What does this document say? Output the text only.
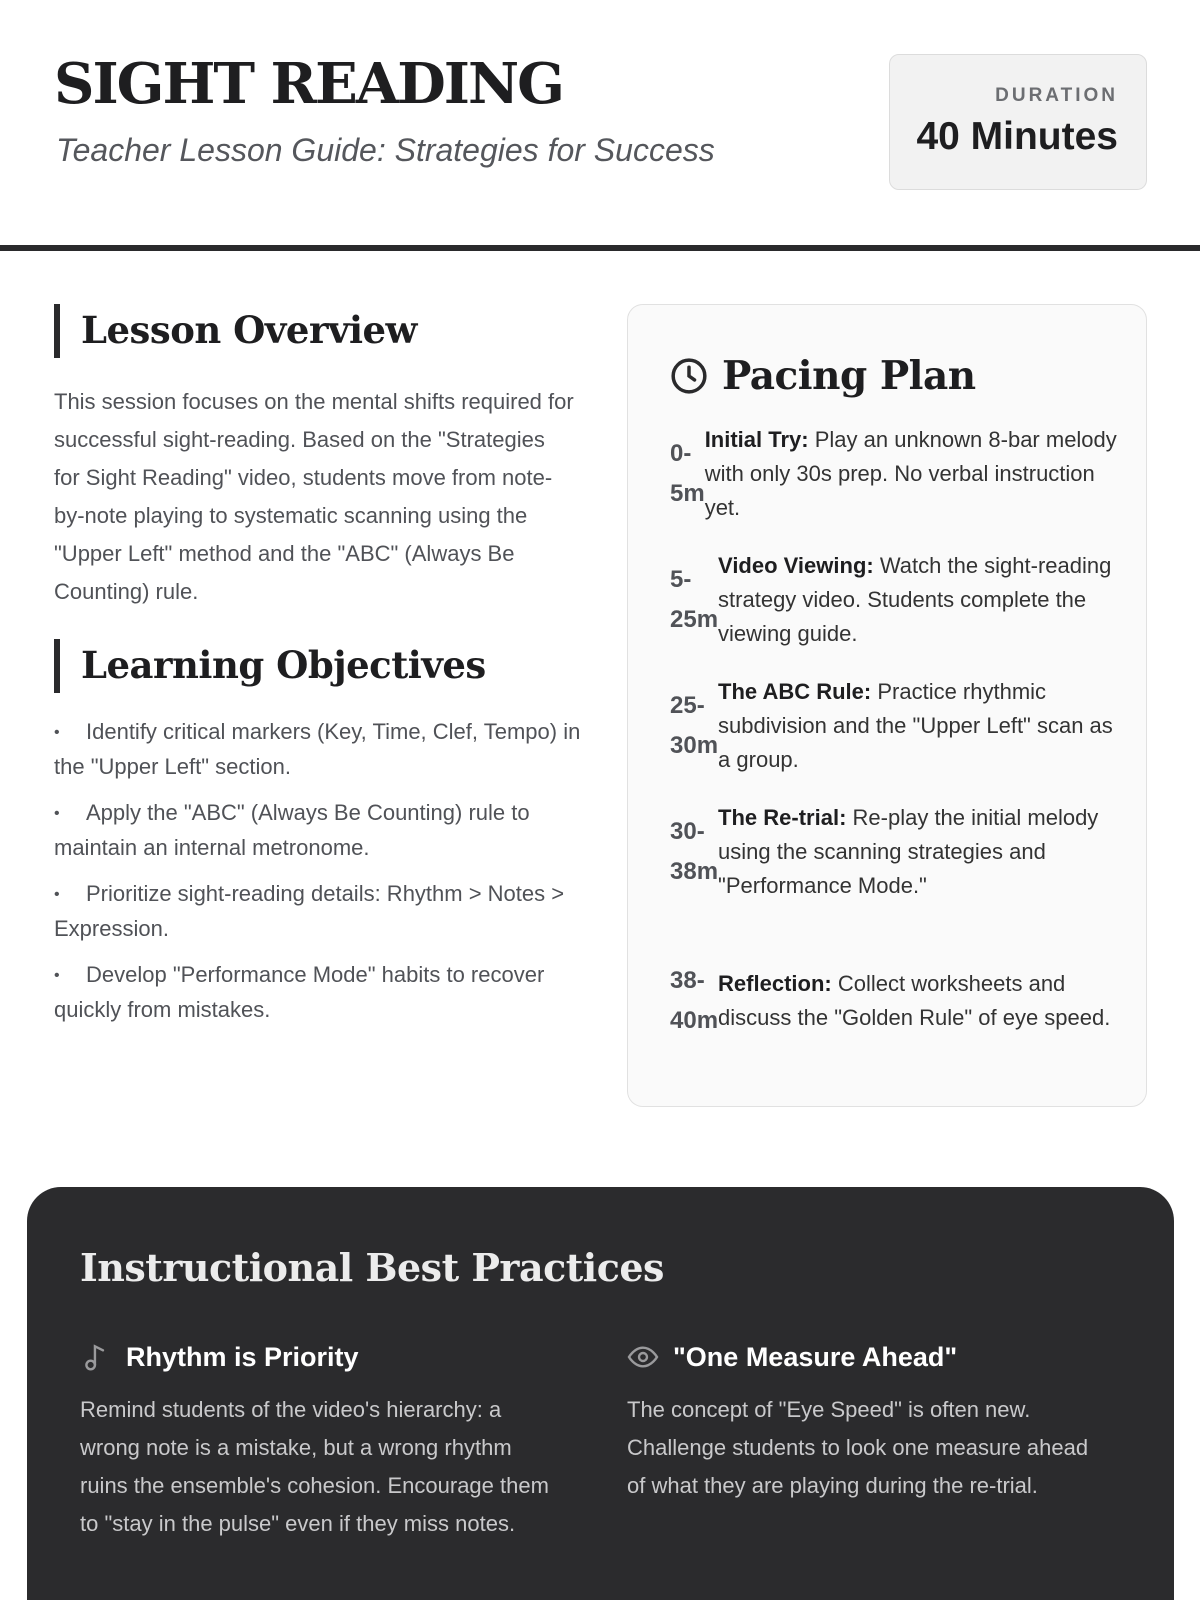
SIGHT READING
Teacher Lesson Guide: Strategies for Success
DURATION
40 Minutes
Lesson Overview

This session focuses on the mental shifts required for successful sight-reading. Based on the "Strategies for Sight Reading" video, students move from note-by-note playing to systematic scanning using the "Upper Left" method and the "ABC" (Always Be Counting) rule.

Learning Objectives
• Identify critical markers (Key, Time, Clef, Tempo) in the "Upper Left" section.
• Apply the "ABC" (Always Be Counting) rule to maintain an internal metronome.
• Prioritize sight-reading details: Rhythm > Notes > Expression.
• Develop "Performance Mode" habits to recover quickly from mistakes.
Pacing Plan
0-
5m
Initial Try: Play an unknown 8-bar melody with only 30s prep. No verbal instruction yet.
5-
25m
Video Viewing: Watch the sight-reading strategy video. Students complete the viewing guide.
25-
30m
The ABC Rule: Practice rhythmic subdivision and the "Upper Left" scan as a group.
30-
38m
The Re-trial: Re-play the initial melody using the scanning strategies and "Performance Mode."
38-
40m
Reflection: Collect worksheets and discuss the "Golden Rule" of eye speed.
Instructional Best Practices
Rhythm is Priority

Remind students of the video's hierarchy: a wrong note is a mistake, but a wrong rhythm ruins the ensemble's cohesion. Encourage them to "stay in the pulse" even if they miss notes.

"One Measure Ahead"

The concept of "Eye Speed" is often new. Challenge students to look one measure ahead of what they are playing during the re-trial.
